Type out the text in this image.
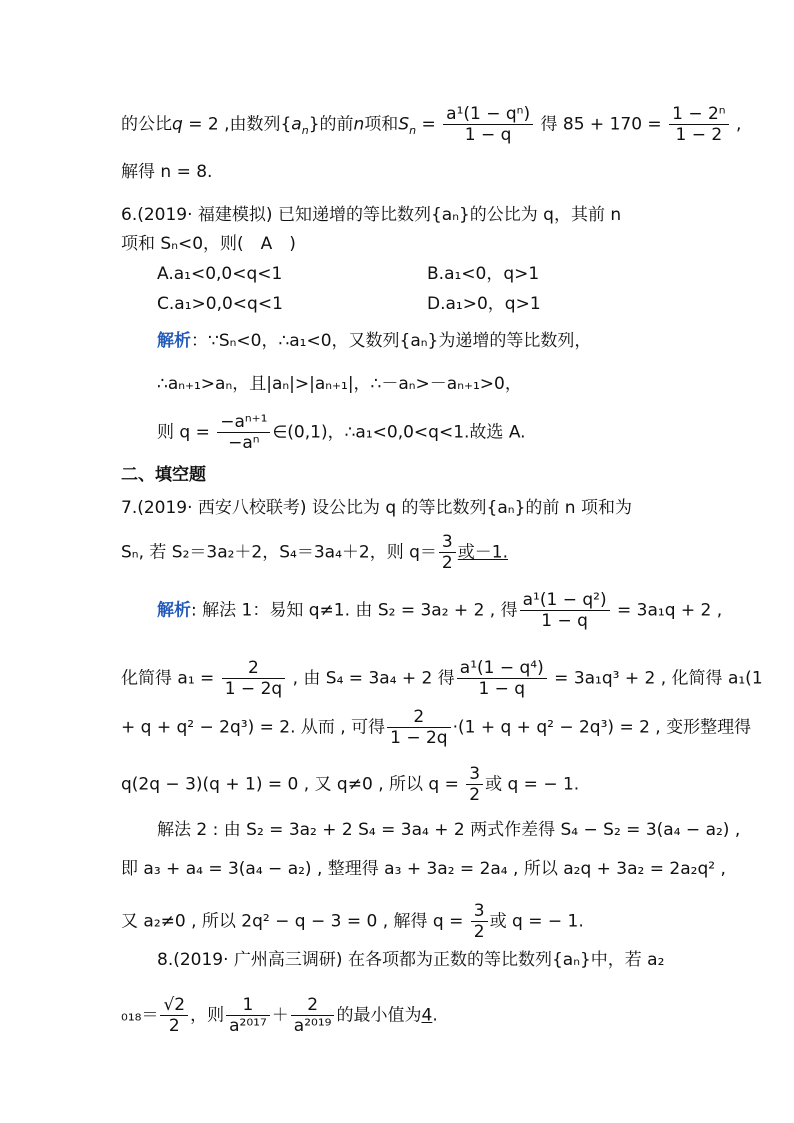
的公比q = 2 ,由数列$\{a_n\}$的前n项和$S_n = \frac{\text{a¹(1 − qⁿ)}}{1 - q}$ 得 $85 + 170 = \frac{\text{1 − 2ⁿ}}{1 - 2}$ ,
解得 n = 8.
6.(2019· 福建模拟) 已知递增的等比数列{aₙ}的公比为 q，其前 n
项和 Sₙ<0，则(　A　)
A.a₁<0,0<q<1	B.a₁<0，q>1
C.a₁>0,0<q<1	D.a₁>0，q>1
解析：∵Sₙ<0，∴a₁<0，又数列{aₙ}为递增的等比数列，
∴aₙ₊₁>aₙ，且|aₙ|>|aₙ₊₁|，∴－aₙ>－aₙ₊₁>0，
则 $q = \frac{\text{−aⁿ⁺¹}}{\text{−aⁿ}}$ ∈(0,1)，∴a₁<0,0<q<1.故选 A.
二、填空题
7.(2019· 西安八校联考) 设公比为 q 的等比数列{aₙ}的前 n 项和为
Sₙ, 若 S₂＝3a₂＋2，S₄＝3a₄＋2，则 $q= \frac{3}{2}$ 或－1.
解析: 解法 1：易知 q≠1. 由 S₂ = 3a₂ + 2 , 得 $\frac{\text{a¹(1 − q²)}}{1 - q} = 3a_1q + 2$ ,
化简得 $a_1 = \frac{2}{1 - 2q}$ , 由 S₄ = 3a₄ + 2 得 $\frac{\text{a¹(1 − q⁴)}}{1 - q} = 3a_1q^3 + 2$ , 化简得 a₁(1
+ q + q² − 2q³) = 2. 从而 , 可得 $\frac{2}{1 - 2q} \cdot(1 + q + q^2 - 2q^3) = 2$ , 变形整理得
q(2q − 3)(q + 1) = 0 , 又 q≠0 , 所以 $q = \frac{3}{2}$ 或 q = − 1.
解法 2 : 由 S₂ = 3a₂ + 2 S₄ = 3a₄ + 2 两式作差得 S₄ − S₂ = 3(a₄ − a₂) ,
即 a₃ + a₄ = 3(a₄ − a₂) , 整理得 a₃ + 3a₂ = 2a₄ , 所以 a₂q + 3a₂ = 2a₂q² ,
又 a₂≠0 , 所以 2q² − q − 3 = 0 , 解得 $q = \frac{3}{2}$ 或 q = − 1.
8.(2019· 广州高三调研) 在各项都为正数的等比数列{aₙ}中，若 a₂
$_{018}= \frac{√2}{2}$ ，则 $\frac{1}{\text{a²⁰¹⁷}} + \frac{2}{\text{a²⁰¹⁹}}$ 的最小值为4.
